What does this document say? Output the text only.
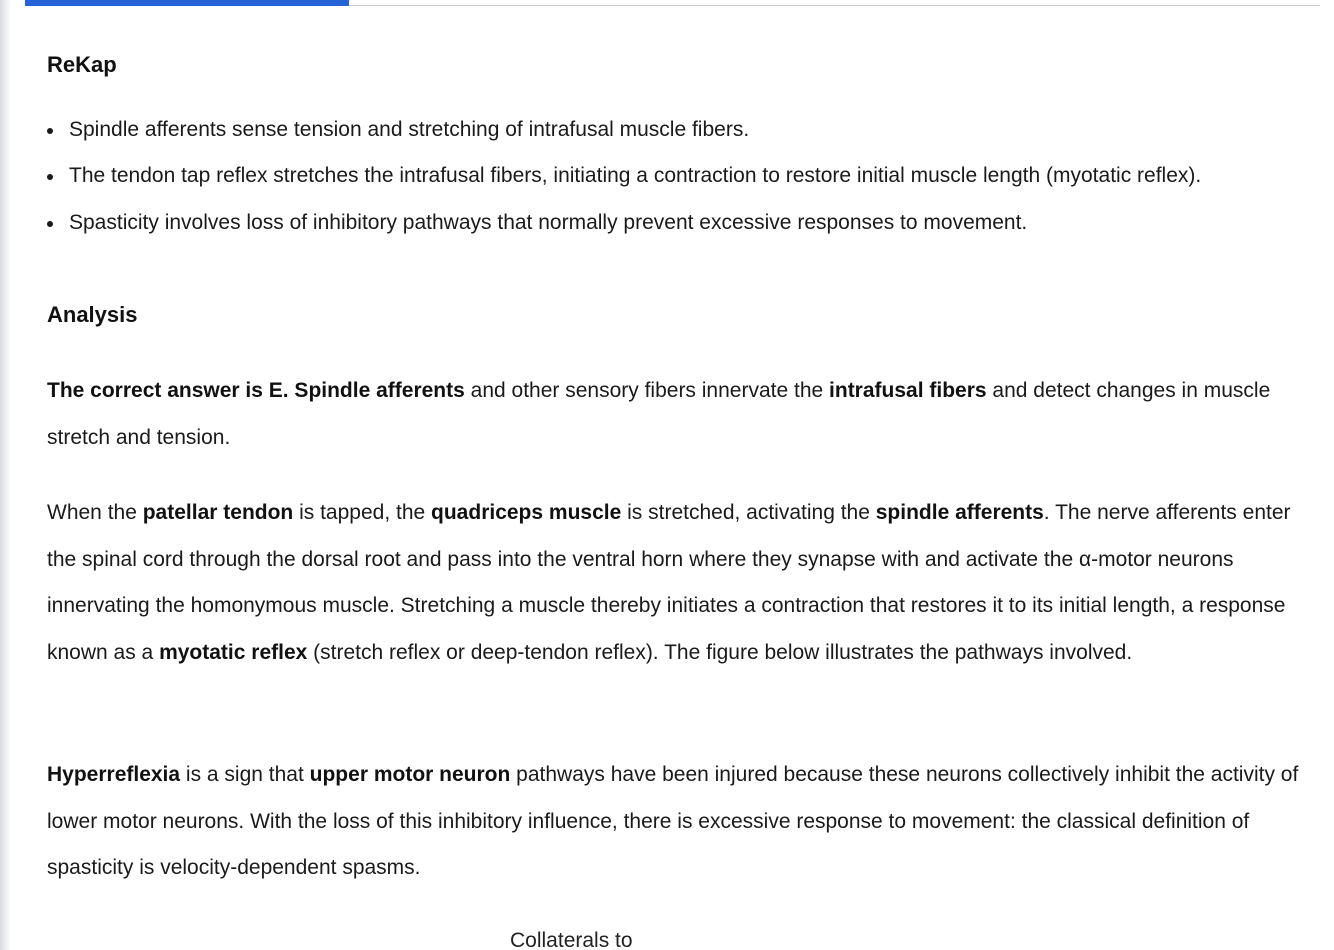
ReKap
Spindle afferents sense tension and stretching of intrafusal muscle fibers.
The tendon tap reflex stretches the intrafusal fibers, initiating a contraction to restore initial muscle length (myotatic reflex).
Spasticity involves loss of inhibitory pathways that normally prevent excessive responses to movement.
Analysis

The correct answer is E. Spindle afferents and other sensory fibers innervate the intrafusal fibers and detect changes in muscle stretch and tension.

When the patellar tendon is tapped, the quadriceps muscle is stretched, activating the spindle afferents. The nerve afferents enter the spinal cord through the dorsal root and pass into the ventral horn where they synapse with and activate the α-motor neurons innervating the homonymous muscle. Stretching a muscle thereby initiates a contraction that restores it to its initial length, a response known as a myotatic reflex (stretch reflex or deep-tendon reflex). The figure below illustrates the pathways involved.

Hyperreflexia is a sign that upper motor neuron pathways have been injured because these neurons collectively inhibit the activity of lower motor neurons. With the loss of this inhibitory influence, there is excessive response to movement: the classical definition of spasticity is velocity-dependent spasms.

Collaterals to
